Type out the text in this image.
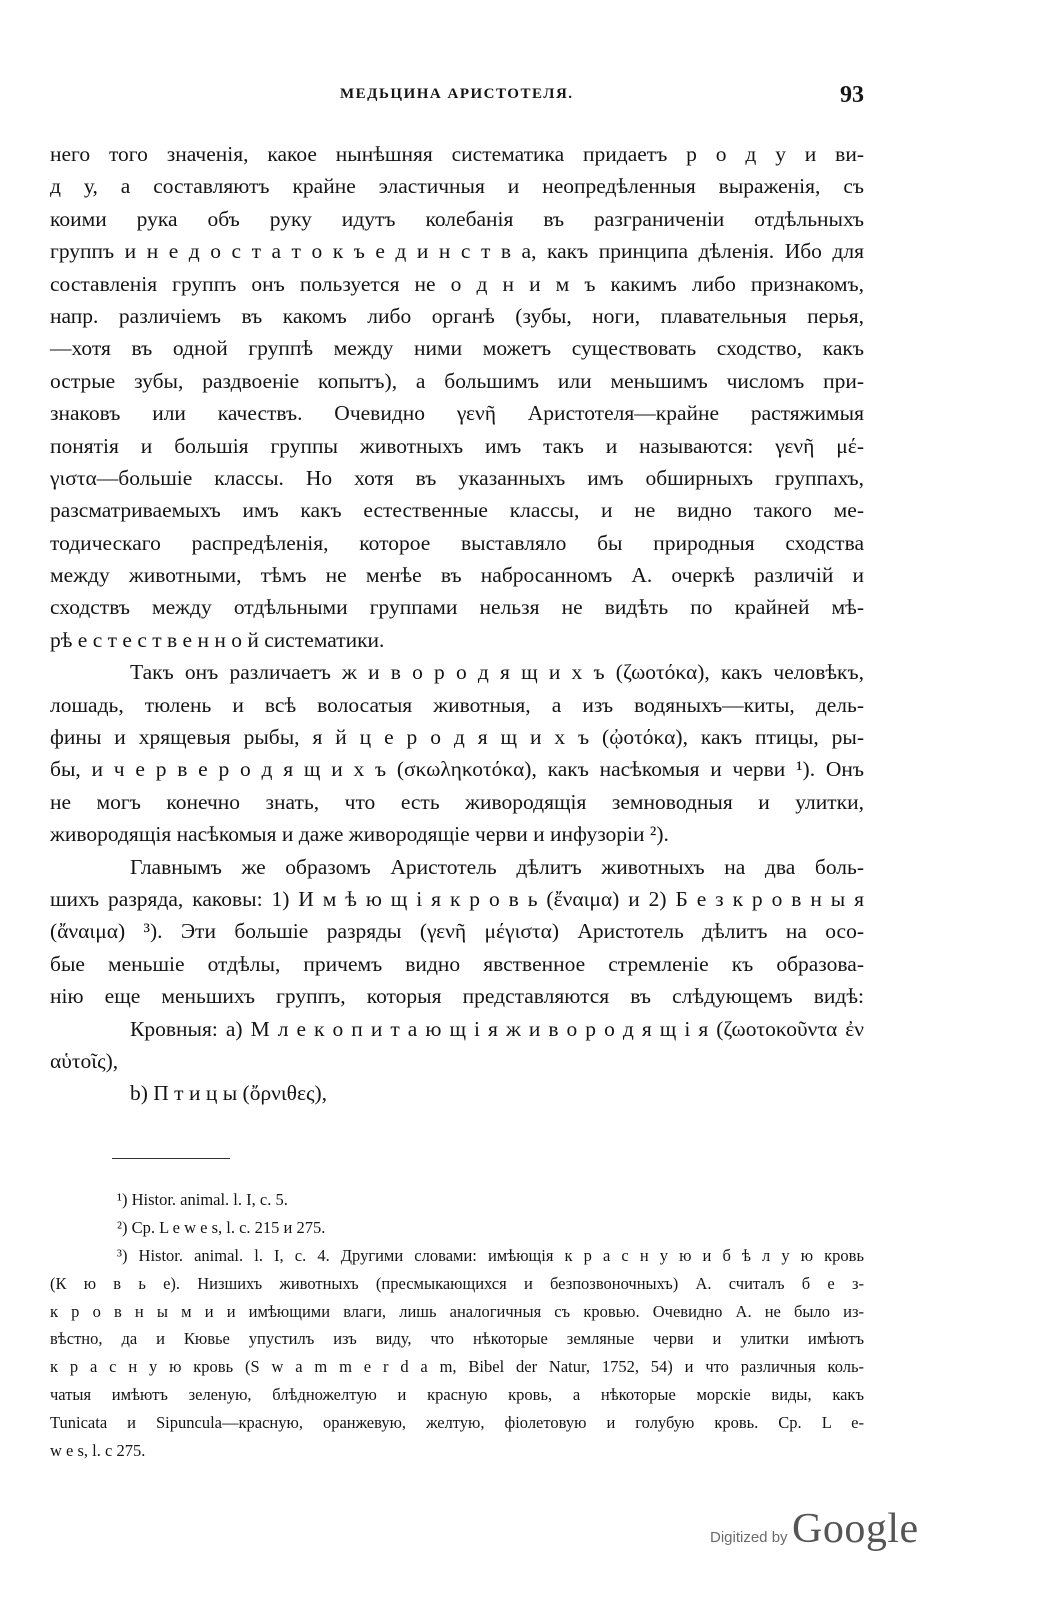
МЕДЬЦИНА АРИСТОТЕЛЯ.	93
него того значенія, какое нынѣшняя систематика придаетъ р о д у и ви-
д у, а составляютъ крайне эластичныя и неопредѣленныя выраженія, съ
коими рука объ руку идутъ колебанія въ разграниченіи отдѣльныхъ
группъ и н е д о с т а т о к ъ е д и н с т в а, какъ принципа дѣленія. Ибо для
составленія группъ онъ пользуется не о д н и м ъ какимъ либо признакомъ,
напр. различіемъ въ какомъ либо органѣ (зубы, ноги, плавательныя перья,
—хотя въ одной группѣ между ними можетъ существовать сходство, какъ
острые зубы, раздвоеніе копытъ), а большимъ или меньшимъ числомъ при-
знаковъ или качествъ. Очевидно γενῆ Аристотеля—крайне растяжимыя
понятія и большія группы животныхъ имъ такъ и называются: γενῆ μέ-
γιστα—большіе классы. Но хотя въ указанныхъ имъ обширныхъ группахъ,
разсматриваемыхъ имъ какъ естественные классы, и не видно такого ме-
тодическаго распредѣленія, которое выставляло бы природныя сходства
между животными, тѣмъ не менѣе въ набросанномъ А. очеркѣ различій и
сходствъ между отдѣльными группами нельзя не видѣть по крайней мѣ-
рѣ е с т е с т в е н н о й систематики.
Такъ онъ различаетъ ж и в о р о д я щ и х ъ (ζωοτόκα), какъ человѣкъ,
лошадь, тюлень и всѣ волосатыя животныя, а изъ водяныхъ—киты, дель-
фины и хрящевыя рыбы, я й ц е р о д я щ и х ъ (ᾠοτόκα), какъ птицы, ры-
бы, и ч е р в е р о д я щ и х ъ (σκωληκοτόκα), какъ насѣкомыя и черви ¹). Онъ
не могъ конечно знать, что есть живородящія земноводныя и улитки,
живородящія насѣкомыя и даже живородящіе черви и инфузоріи ²).
Главнымъ же образомъ Аристотель дѣлитъ животныхъ на два боль-
шихъ разряда, каковы: 1) И м ѣ ю щ і я к р о в ь (ἔναιμα) и 2) Б е з к р о в н ы я
(ἄναιμα) ³). Эти большіе разряды (γενῆ μέγιστα) Аристотель дѣлитъ на осо-
бые меньшіе отдѣлы, причемъ видно явственное стремленіе къ образова-
нію еще меньшихъ группъ, которыя представляются въ слѣдующемъ видѣ:
Кровныя: a) М л е к о п и т а ю щ і я ж и в о р о д я щ і я (ζωοτοκοῦντα ἐν
αὑτοῖς),
b) П т и ц ы (ὄρνιθες),
¹) Histor. animal. l. I, c. 5.
²) Cp. L e w e s, l. c. 215 и 275.
³) Histor. animal. l. I, c. 4. Другими словами: имѣющія к р а с н у ю и б ѣ л у ю кровь
(К ю в ь е). Низшихъ животныхъ (пресмыкающихся и безпозвоночныхъ) А. считалъ б е з-
к р о в н ы м и и имѣющими влаги, лишь аналогичныя съ кровью. Очевидно А. не было из-
вѣстно, да и Кювье упустилъ изъ виду, что нѣкоторые земляные черви и улитки имѣютъ
к р а с н у ю кровь (S w a m m e r d a m, Bibel der Natur, 1752, 54) и что различныя коль-
чатыя имѣютъ зеленую, блѣдножелтую и красную кровь, а нѣкоторые морскіе виды, какъ
Tunicata и Sipuncula—красную, оранжевую, желтую, фіолетовую и голубую кровь. Cp. L e-
w e s, l. c 275.
Digitized by Google
